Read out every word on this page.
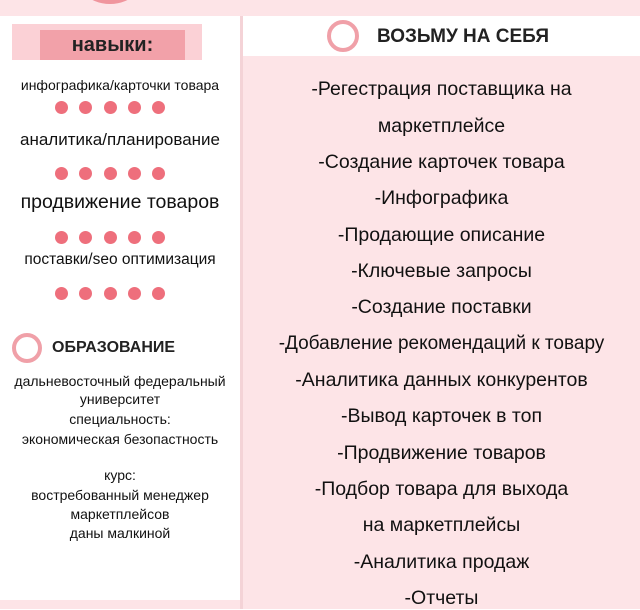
навыки:
инфографика/карточки товара
аналитика/планирование
продвижение товаров
поставки/seo оптимизация
ОБРАЗОВАНИЕ
дальневосточный федеральный
университет
специальность:
экономическая безопастность
курс:
востребованный менеджер
маркетплейсов
даны малкиной
ВОЗЬМУ НА СЕБЯ
-Регестрация поставщика на
маркетплейсе
-Создание карточек товара
-Инфографика
-Продающие описание
-Ключевые запросы
-Создание поставки
-Добавление рекомендаций к товару
-Аналитика данных конкурентов
-Вывод карточек в топ
-Продвижение товаров
-Подбор товара для выхода
на маркетплейсы
-Аналитика продаж
-Отчеты
